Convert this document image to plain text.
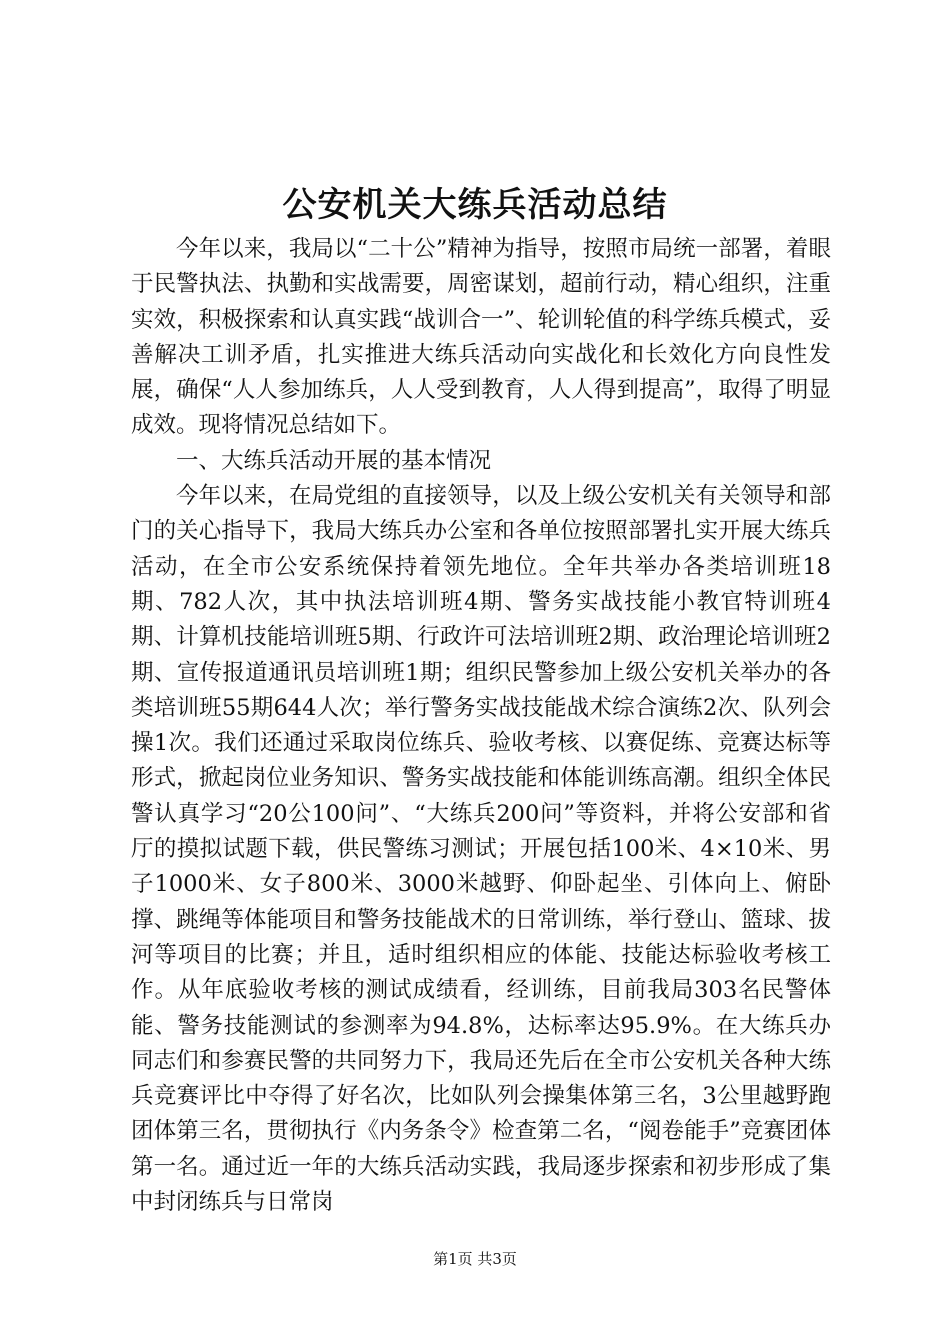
公安机关大练兵活动总结

今年以来，我局以“二十公”精神为指导，按照市局统一部署，着眼于民警执法、执勤和实战需要，周密谋划，超前行动，精心组织，注重实效，积极探索和认真实践“战训合一”、轮训轮值的科学练兵模式，妥善解决工训矛盾，扎实推进大练兵活动向实战化和长效化方向良性发展，确保“人人参加练兵，人人受到教育，人人得到提高”，取得了明显成效。现将情况总结如下。

一、大练兵活动开展的基本情况

今年以来，在局党组的直接领导，以及上级公安机关有关领导和部门的关心指导下，我局大练兵办公室和各单位按照部署扎实开展大练兵活动，在全市公安系统保持着领先地位。全年共举办各类培训班18期、782人次，其中执法培训班4期、警务实战技能小教官特训班4期、计算机技能培训班5期、行政许可法培训班2期、政治理论培训班2期、宣传报道通讯员培训班1期；组织民警参加上级公安机关举办的各类培训班55期644人次；举行警务实战技能战术综合演练2次、队列会操1次。我们还通过采取岗位练兵、验收考核、以赛促练、竞赛达标等形式，掀起岗位业务知识、警务实战技能和体能训练高潮。组织全体民警认真学习“20公100问”、“大练兵200问”等资料，并将公安部和省厅的摸拟试题下载，供民警练习测试；开展包括100米、4×10米、男子1000米、女子800米、3000米越野、仰卧起坐、引体向上、俯卧撑、跳绳等体能项目和警务技能战术的日常训练，举行登山、篮球、拔河等项目的比赛；并且，适时组织相应的体能、技能达标验收考核工作。从年底验收考核的测试成绩看，经训练，目前我局303名民警体能、警务技能测试的参测率为94.8%，达标率达95.9%。在大练兵办同志们和参赛民警的共同努力下，我局还先后在全市公安机关各种大练兵竞赛评比中夺得了好名次，比如队列会操集体第三名，3公里越野跑团体第三名，贯彻执行《内务条令》检查第二名，“阅卷能手”竞赛团体第一名。通过近一年的大练兵活动实践，我局逐步探索和初步形成了集中封闭练兵与日常岗

第1页 共3页
